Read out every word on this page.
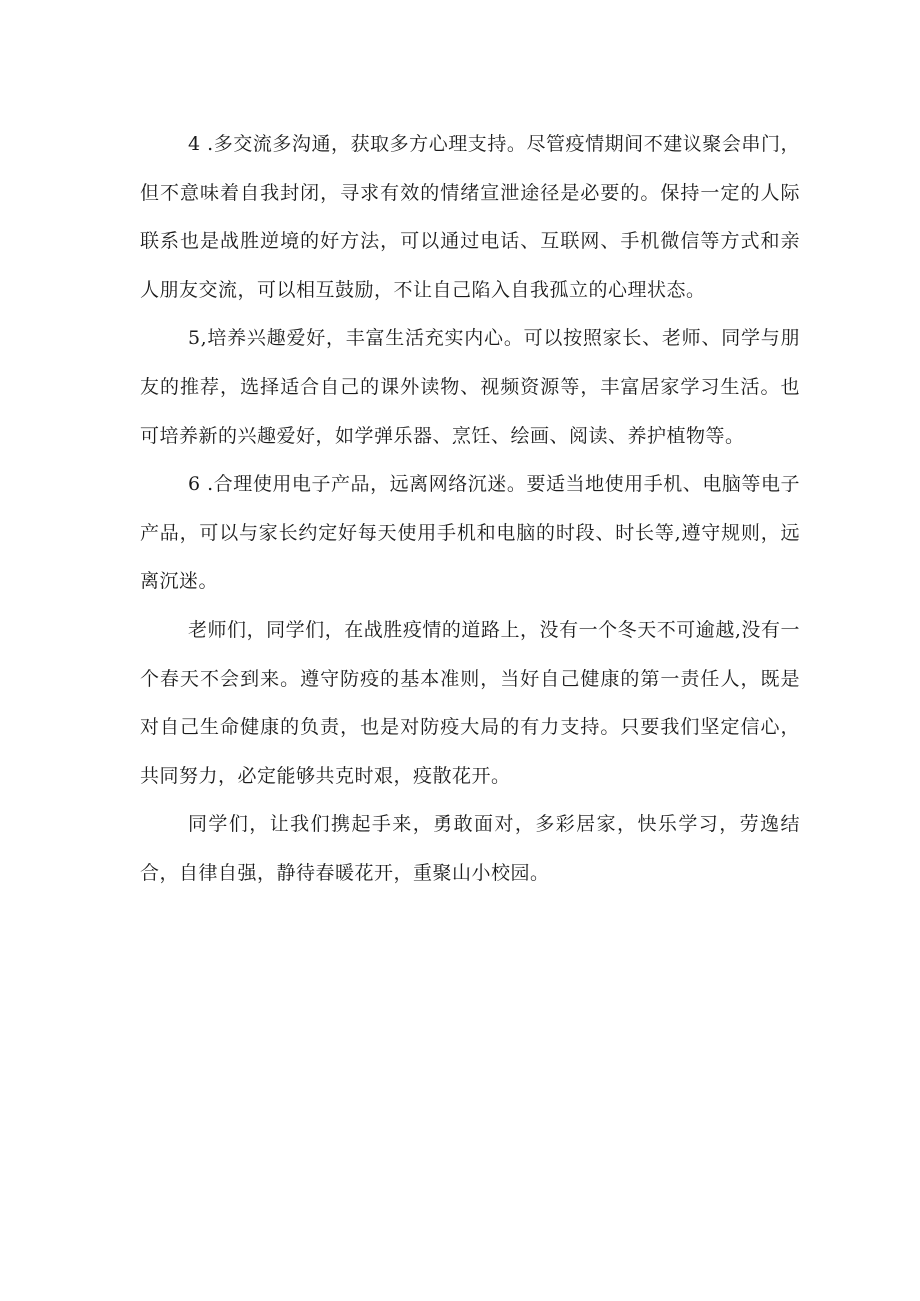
4 .多交流多沟通，获取多方心理支持。尽管疫情期间不建议聚会串门，但不意味着自我封闭，寻求有效的情绪宣泄途径是必要的。保持一定的人际联系也是战胜逆境的好方法，可以通过电话、互联网、手机微信等方式和亲人朋友交流，可以相互鼓励，不让自己陷入自我孤立的心理状态。

5,培养兴趣爱好，丰富生活充实内心。可以按照家长、老师、同学与朋友的推荐，选择适合自己的课外读物、视频资源等，丰富居家学习生活。也可培养新的兴趣爱好，如学弹乐器、烹饪、绘画、阅读、养护植物等。

6 .合理使用电子产品，远离网络沉迷。要适当地使用手机、电脑等电子产品，可以与家长约定好每天使用手机和电脑的时段、时长等,遵守规则，远离沉迷。

老师们，同学们，在战胜疫情的道路上，没有一个冬天不可逾越,没有一个春天不会到来。遵守防疫的基本准则，当好自己健康的第一责任人，既是对自己生命健康的负责，也是对防疫大局的有力支持。只要我们坚定信心，共同努力，必定能够共克时艰，疫散花开。

同学们，让我们携起手来，勇敢面对，多彩居家，快乐学习，劳逸结合，自律自强，静待春暖花开，重聚山小校园。
